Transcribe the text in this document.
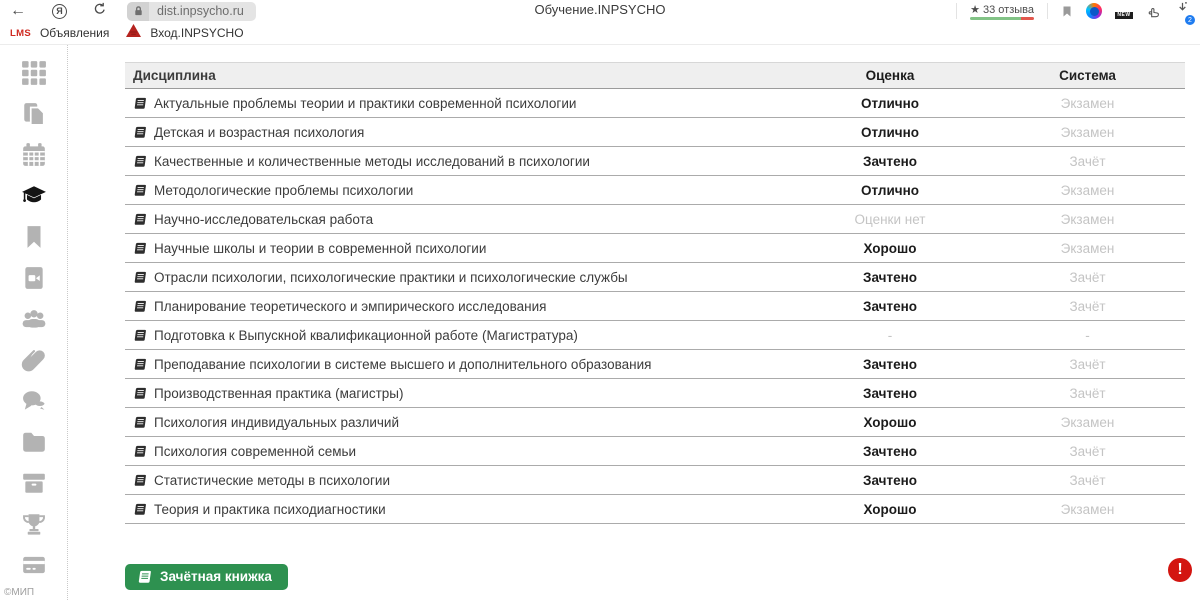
←	Я	dist.inpsycho.ru	Обучение.INPSYCHO	★ 33 отзыва	NEW
2
LMS Объявления	Вход.INPSYCHO
©МИП
Дисциплина	Оценка	Система
Актуальные проблемы теории и практики современной психологии	Отлично	Экзамен
Детская и возрастная психология	Отлично	Экзамен
Качественные и количественные методы исследований в психологии	Зачтено	Зачёт
Методологические проблемы психологии	Отлично	Экзамен
Научно-исследовательская работа	Оценки нет	Экзамен
Научные школы и теории в современной психологии	Хорошо	Экзамен
Отрасли психологии, психологические практики и психологические службы	Зачтено	Зачёт
Планирование теоретического и эмпирического исследования	Зачтено	Зачёт
Подготовка к Выпускной квалификационной работе (Магистратура)	-	-
Преподавание психологии в системе высшего и дополнительного образования	Зачтено	Зачёт
Производственная практика (магистры)	Зачтено	Зачёт
Психология индивидуальных различий	Хорошо	Экзамен
Психология современной семьи	Зачтено	Зачёт
Статистические методы в психологии	Зачтено	Зачёт
Теория и практика психодиагностики	Хорошо	Экзамен
Зачётная книжка	!
